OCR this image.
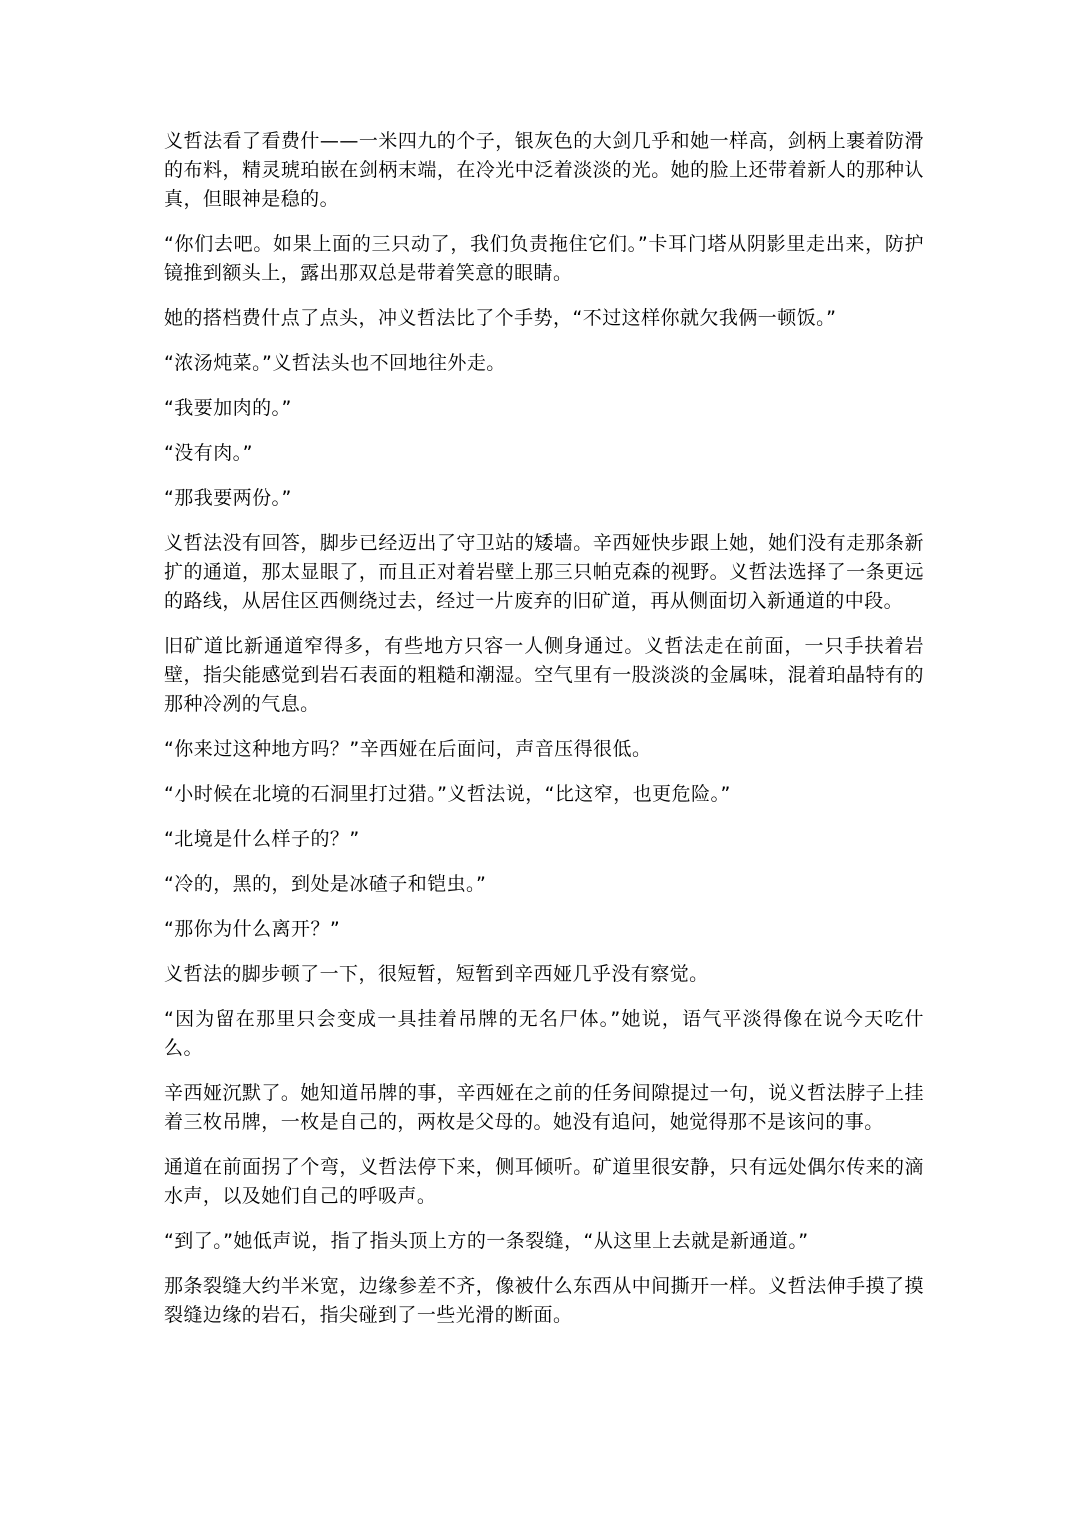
义哲法看了看费什——一米四九的个子，银灰色的大剑几乎和她一样高，剑柄上裹着防滑的布料，精灵琥珀嵌在剑柄末端，在冷光中泛着淡淡的光。她的脸上还带着新人的那种认真，但眼神是稳的。

“你们去吧。如果上面的三只动了，我们负责拖住它们。”卡耳门塔从阴影里走出来，防护镜推到额头上，露出那双总是带着笑意的眼睛。

她的搭档费什点了点头，冲义哲法比了个手势，“不过这样你就欠我俩一顿饭。”

“浓汤炖菜。”义哲法头也不回地往外走。

“我要加肉的。”

“没有肉。”

“那我要两份。”

义哲法没有回答，脚步已经迈出了守卫站的矮墙。辛西娅快步跟上她，她们没有走那条新扩的通道，那太显眼了，而且正对着岩壁上那三只帕克森的视野。义哲法选择了一条更远的路线，从居住区西侧绕过去，经过一片废弃的旧矿道，再从侧面切入新通道的中段。

旧矿道比新通道窄得多，有些地方只容一人侧身通过。义哲法走在前面，一只手扶着岩壁，指尖能感觉到岩石表面的粗糙和潮湿。空气里有一股淡淡的金属味，混着珀晶特有的那种冷冽的气息。

“你来过这种地方吗？”辛西娅在后面问，声音压得很低。

“小时候在北境的石洞里打过猎。”义哲法说，“比这窄，也更危险。”

“北境是什么样子的？”

“冷的，黑的，到处是冰碴子和铠虫。”

“那你为什么离开？”

义哲法的脚步顿了一下，很短暂，短暂到辛西娅几乎没有察觉。

“因为留在那里只会变成一具挂着吊牌的无名尸体。”她说，语气平淡得像在说今天吃什么。

辛西娅沉默了。她知道吊牌的事，辛西娅在之前的任务间隙提过一句，说义哲法脖子上挂着三枚吊牌，一枚是自己的，两枚是父母的。她没有追问，她觉得那不是该问的事。

通道在前面拐了个弯，义哲法停下来，侧耳倾听。矿道里很安静，只有远处偶尔传来的滴水声，以及她们自己的呼吸声。

“到了。”她低声说，指了指头顶上方的一条裂缝，“从这里上去就是新通道。”

那条裂缝大约半米宽，边缘参差不齐，像被什么东西从中间撕开一样。义哲法伸手摸了摸裂缝边缘的岩石，指尖碰到了一些光滑的断面。
